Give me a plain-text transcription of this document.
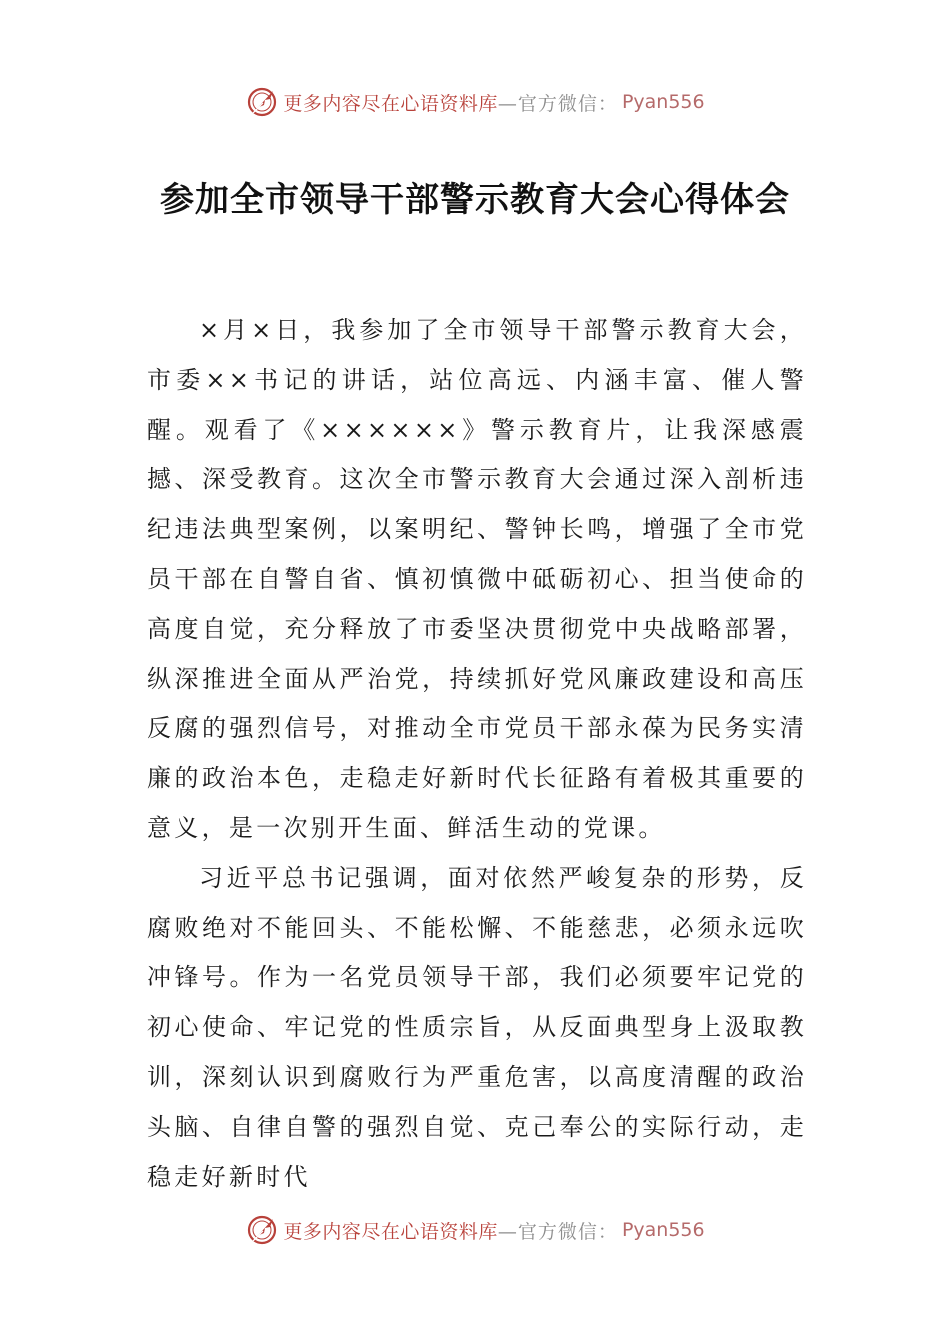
更多内容尽在心语资料库 —官方微信： Pyan556
参加全市领导干部警示教育大会心得体会

×月×日，我参加了全市领导干部警示教育大会，市委××书记的讲话，站位高远、内涵丰富、催人警醒。观看了《××××××》警示教育片，让我深感震撼、深受教育。这次全市警示教育大会通过深入剖析违纪违法典型案例，以案明纪、警钟长鸣，增强了全市党员干部在自警自省、慎初慎微中砥砺初心、担当使命的高度自觉，充分释放了市委坚决贯彻党中央战略部署，纵深推进全面从严治党，持续抓好党风廉政建设和高压反腐的强烈信号，对推动全市党员干部永葆为民务实清廉的政治本色，走稳走好新时代长征路有着极其重要的意义，是一次别开生面、鲜活生动的党课。

习近平总书记强调，面对依然严峻复杂的形势，反腐败绝对不能回头、不能松懈、不能慈悲，必须永远吹冲锋号。作为一名党员领导干部，我们必须要牢记党的初心使命、牢记党的性质宗旨，从反面典型身上汲取教训，深刻认识到腐败行为严重危害，以高度清醒的政治头脑、自律自警的强烈自觉、克己奉公的实际行动，走稳走好新时代

更多内容尽在心语资料库 —官方微信： Pyan556
